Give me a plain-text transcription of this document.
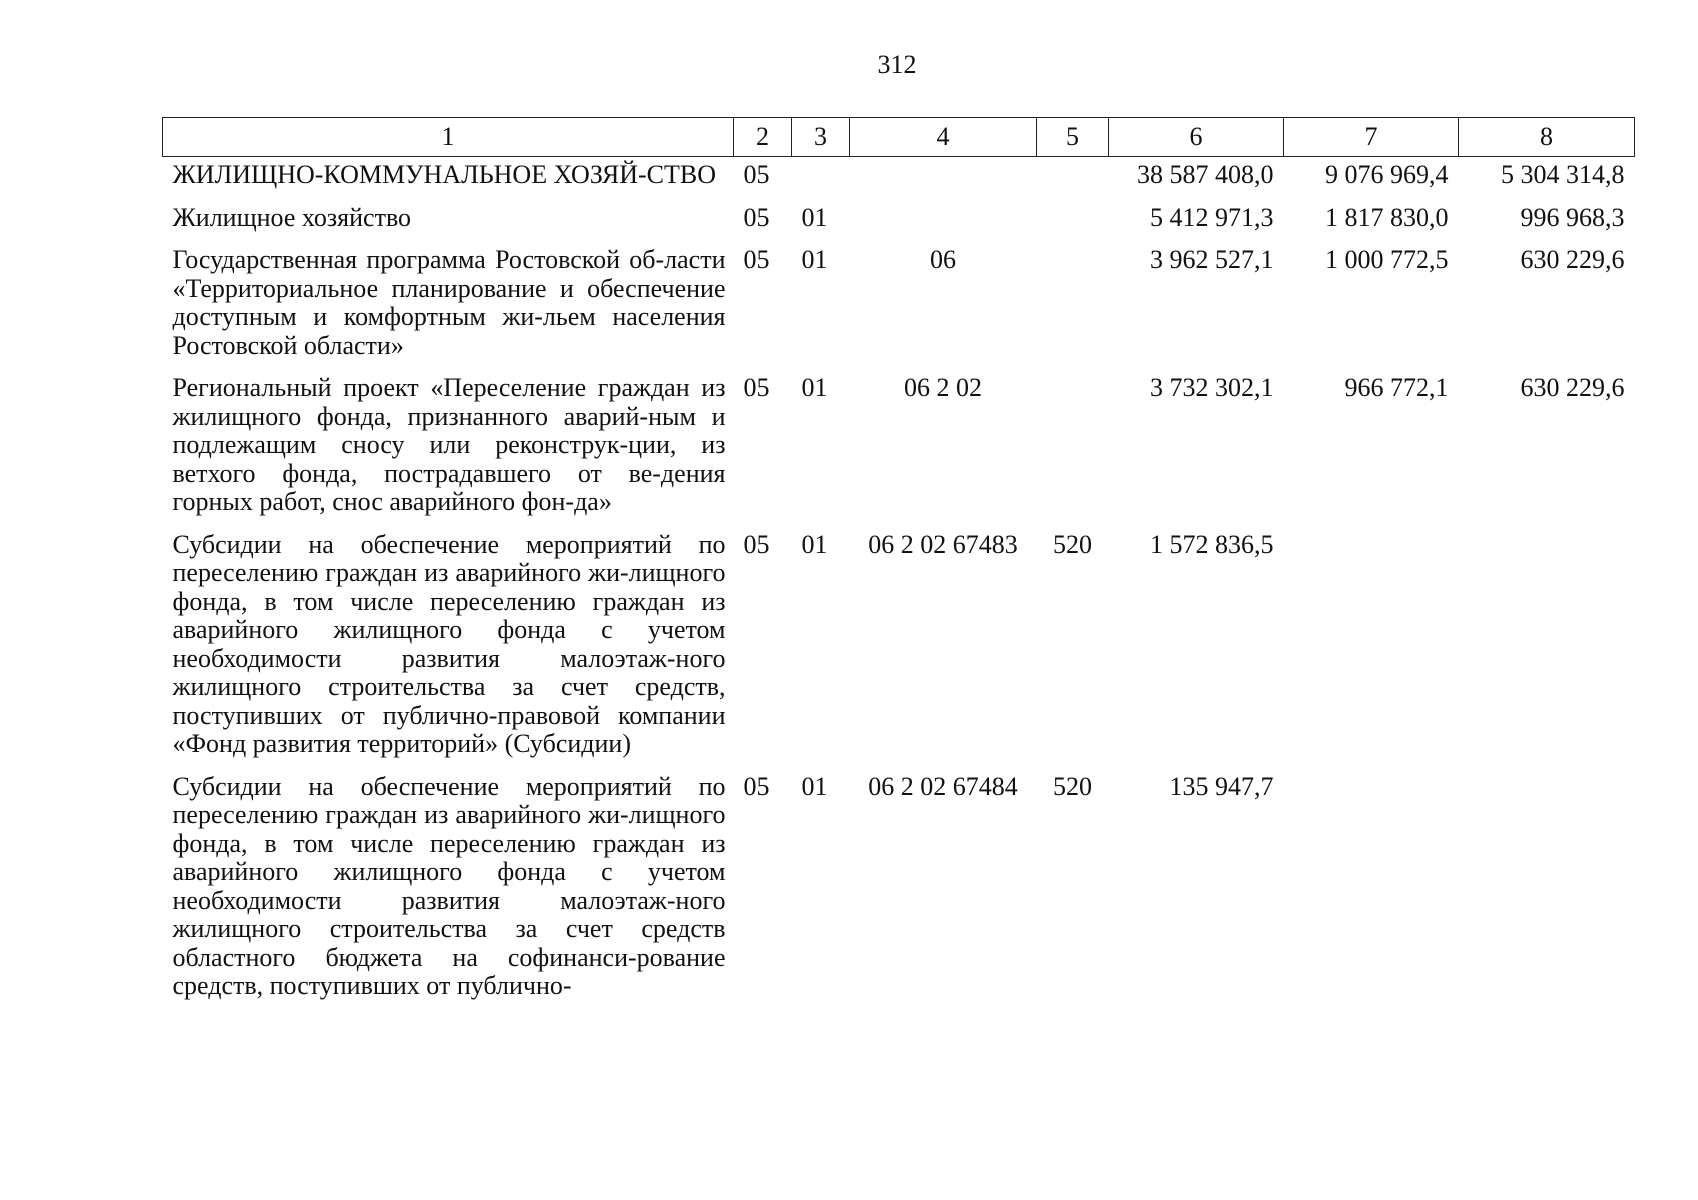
312
1	2	3	4	5	6	7	8
ЖИЛИЩНО-КОММУНАЛЬНОЕ ХОЗЯЙ-СТВО	05				38 587 408,0	9 076 969,4	5 304 314,8
Жилищное хозяйство	05	01			5 412 971,3	1 817 830,0	996 968,3
Государственная программа Ростовской об-ласти «Территориальное планирование и обеспечение доступным и комфортным жи-льем населения Ростовской области»	05	01	06		3 962 527,1	1 000 772,5	630 229,6
Региональный проект «Переселение граждан из жилищного фонда, признанного аварий-ным и подлежащим сносу или реконструк-ции, из ветхого фонда, пострадавшего от ве-дения горных работ, снос аварийного фон-да»	05	01	06 2 02		3 732 302,1	966 772,1	630 229,6
Субсидии на обеспечение мероприятий по переселению граждан из аварийного жи-лищного фонда, в том числе переселению граждан из аварийного жилищного фонда с учетом необходимости развития малоэтаж-ного жилищного строительства за счет средств, поступивших от публично-правовой компании «Фонд развития территорий» (Субсидии)	05	01	06 2 02 67483	520	1 572 836,5		
Субсидии на обеспечение мероприятий по переселению граждан из аварийного жи-лищного фонда, в том числе переселению граждан из аварийного жилищного фонда с учетом необходимости развития малоэтаж-ного жилищного строительства за счет средств областного бюджета на софинанси-рование средств, поступивших от публично-	05	01	06 2 02 67484	520	135 947,7		
